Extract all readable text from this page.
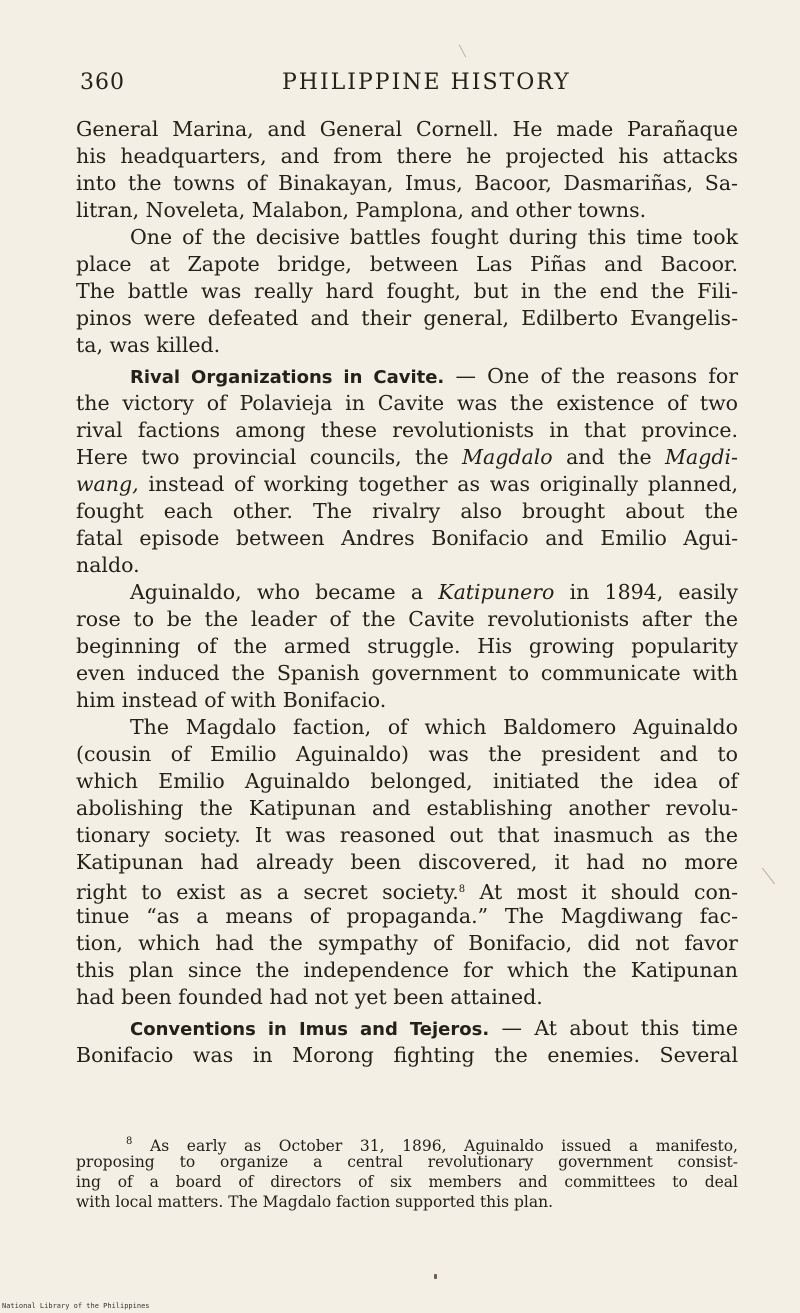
360	PHILIPPINE HISTORY
General Marina, and General Cornell. He made Parañaque
his headquarters, and from there he projected his attacks
into the towns of Binakayan, Imus, Bacoor, Dasmariñas, Sa-
litran, Noveleta, Malabon, Pamplona, and other towns.
One of the decisive battles fought during this time took
place at Zapote bridge, between Las Piñas and Bacoor.
The battle was really hard fought, but in the end the Fili-
pinos were defeated and their general, Edilberto Evangelis-
ta, was killed.
Rival Organizations in Cavite. — One of the reasons for
the victory of Polavieja in Cavite was the existence of two
rival factions among these revolutionists in that province.
Here two provincial councils, the Magdalo and the Magdi-
wang, instead of working together as was originally planned,
fought each other. The rivalry also brought about the
fatal episode between Andres Bonifacio and Emilio Agui-
naldo.
Aguinaldo, who became a Katipunero in 1894, easily
rose to be the leader of the Cavite revolutionists after the
beginning of the armed struggle. His growing popularity
even induced the Spanish government to communicate with
him instead of with Bonifacio.
The Magdalo faction, of which Baldomero Aguinaldo
(cousin of Emilio Aguinaldo) was the president and to
which Emilio Aguinaldo belonged, initiated the idea of
abolishing the Katipunan and establishing another revolu-
tionary society. It was reasoned out that inasmuch as the
Katipunan had already been discovered, it had no more
right to exist as a secret society.$^8$ At most it should con-
tinue “as a means of propaganda.” The Magdiwang fac-
tion, which had the sympathy of Bonifacio, did not favor
this plan since the independence for which the Katipunan
had been founded had not yet been attained.
Conventions in Imus and Tejeros. — At about this time
Bonifacio was in Morong fighting the enemies. Several
$^8$ As early as October 31, 1896, Aguinaldo issued a manifesto,
proposing to organize a central revolutionary government consist-
ing of a board of directors of six members and committees to deal
with local matters. The Magdalo faction supported this plan.
National Library of the Philippines
